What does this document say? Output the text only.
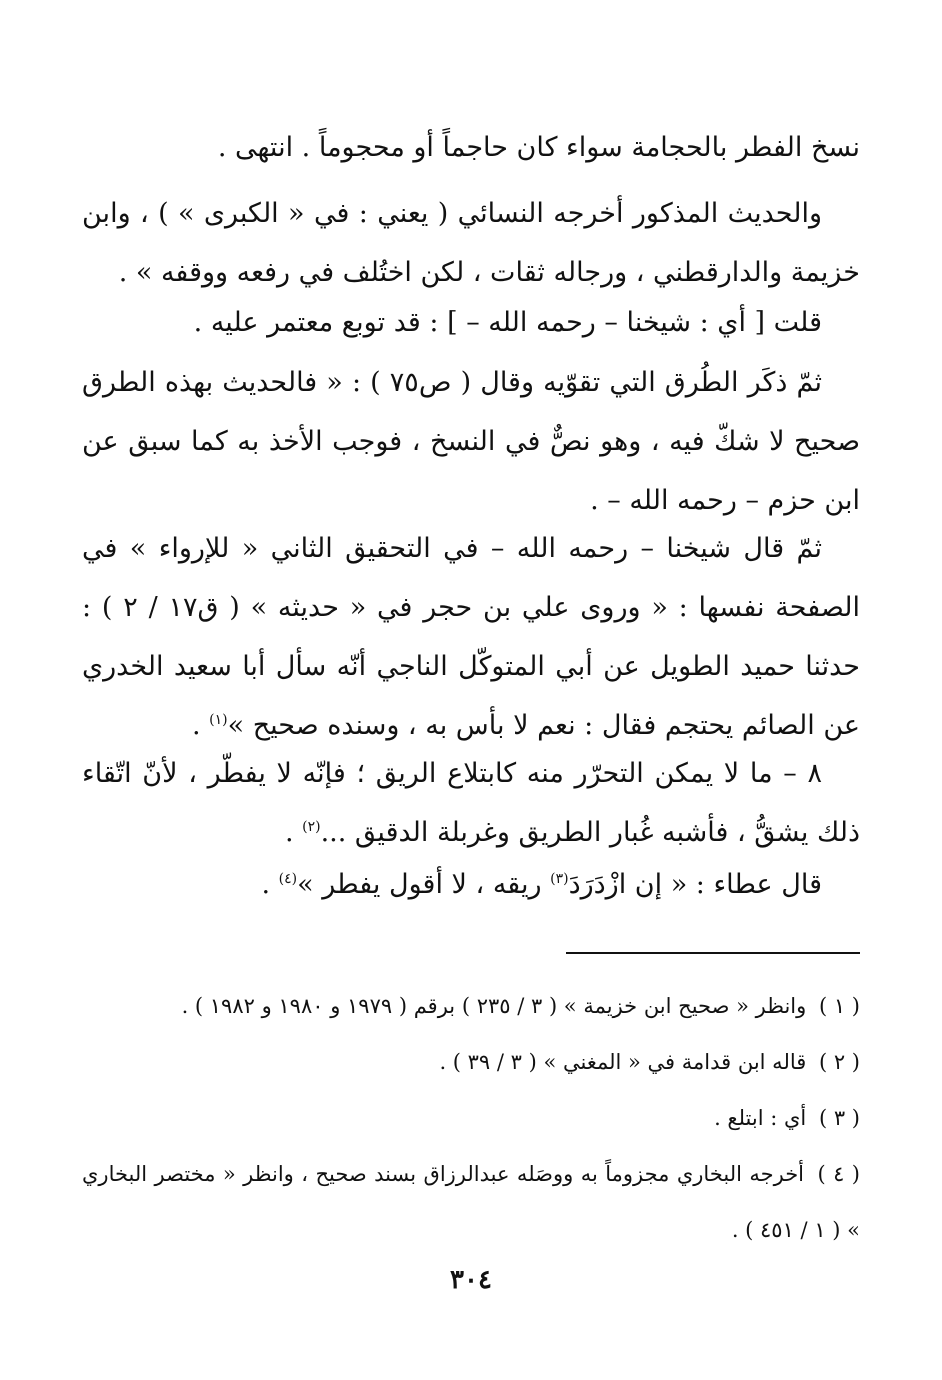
نسخ الفطر بالحجامة سواء كان حاجماً أو محجوماً . انتهى .

والحديث المذكور أخرجه النسائي ( يعني : في « الكبرى » ) ، وابن خزيمة والدارقطني ، ورجاله ثقات ، لكن اختُلف في رفعه ووقفه » .

قلت [ أي : شيخنا – رحمه الله – ] : قد توبع معتمر عليه .

ثمّ ذكَر الطُرق التي تقوّيه وقال ( ص٧٥ ) : « فالحديث بهذه الطرق صحيح لا شكّ فيه ، وهو نصٌّ في النسخ ، فوجب الأخذ به كما سبق عن ابن حزم – رحمه الله – .

ثمّ قال شيخنا – رحمه الله – في التحقيق الثاني « للإرواء » في الصفحة نفسها : « وروى علي بن حجر في « حديثه » ( ق١٧ / ٢ ) : حدثنا حميد الطويل عن أبي المتوكّل الناجي أنّه سأل أبا سعيد الخدري عن الصائم يحتجم فقال : نعم لا بأس به ، وسنده صحيح »$^{(١)}$ .

٨ – ما لا يمكن التحرّر منه كابتلاع الريق ؛ فإنّه لا يفطّر ، لأنّ اتّقاء ذلك يشقُّ ، فأشبه غُبار الطريق وغربلة الدقيق ...$^{(٢)}$ .

قال عطاء : « إن ازْدَرَدَ$^{(٣)}$ ريقه ، لا أقول يفطر »$^{(٤)}$ .

( ١ ) وانظر « صحيح ابن خزيمة » ( ٣ / ٢٣٥ ) برقم ( ١٩٧٩ و ١٩٨٠ و ١٩٨٢ ) .

( ٢ ) قاله ابن قدامة في « المغني » ( ٣ / ٣٩ ) .

( ٣ ) أي : ابتلع .

( ٤ ) أخرجه البخاري مجزوماً به ووصَله عبدالرزاق بسند صحيح ، وانظر « مختصر البخاري » ( ١ / ٤٥١ ) .

٣٠٤
